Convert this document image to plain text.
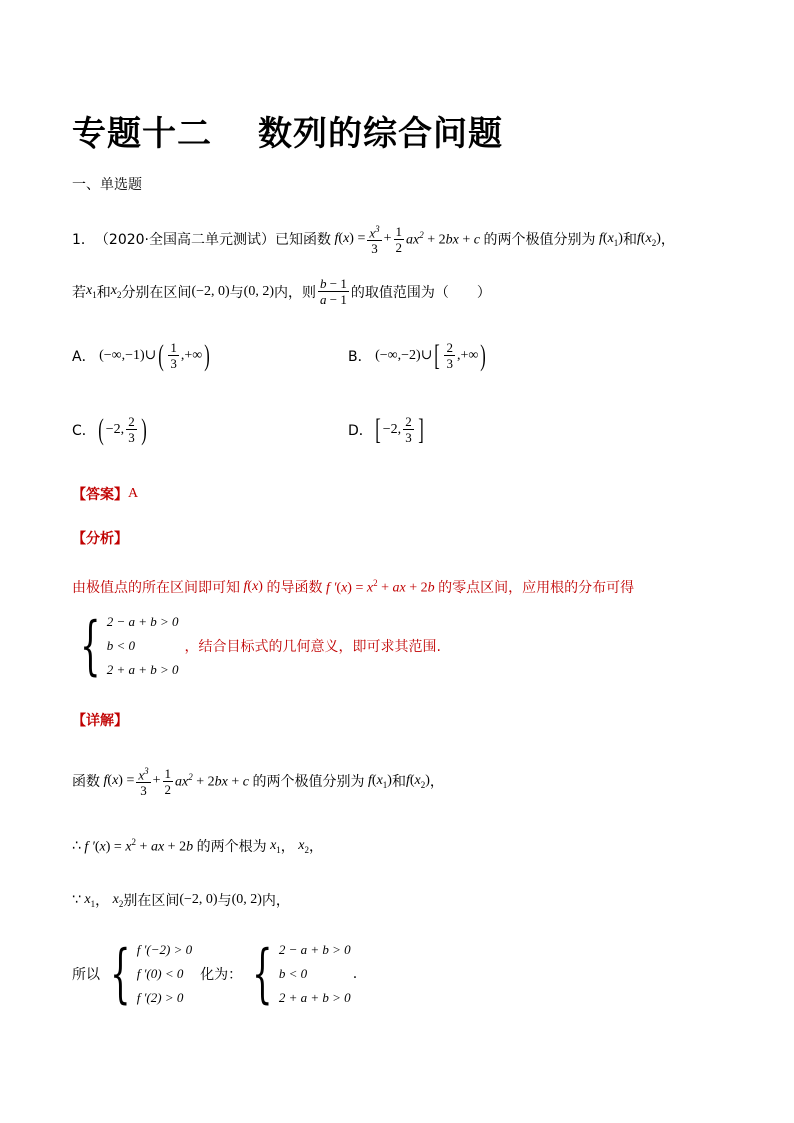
专题十二 数列的综合问题
一、单选题
1． （2020·全国高二单元测试） 已知函数 $f(x) = \frac{x^3}{3} + \frac{1}{2} ax^2 + 2bx + c$ 的两个极值分别为 $f(x_1)$ 和 $f(x_2)$ ，
若 $x_1$ 和 $x_2$ 分别在区间 (−2, 0) 与 (0, 2) 内，则 $\frac{b - 1}{a - 1}$ 的取值范围为（　　）
A． (−∞,−1)∪ ( $\frac{1}{3}$ ,+∞ )	B． (−∞,−2)∪ [ $\frac{2}{3}$ ,+∞ )
C． ( −2, $\frac{2}{3}$ )	D． [ −2, $\frac{2}{3}$ ]
【答案】 A
【分析】
由极值点的所在区间即可知 f(x) 的导函数 f $'(x) = x^2$ + ax + 2b 的零点区间，应用根的分布可得
{ 2 − a + b > 0
b < 0
2 + a + b > 0
，结合目标式的几何意义，即可求其范围.
【详解】
函数 $f(x) = \frac{x^3}{3} + \frac{1}{2} ax^2 + 2bx + c$ 的两个极值分别为 $f(x_1)$ 和 $f(x_2)$ ，
∴ f $'(x) = x^2$ + ax + 2b 的两个根为 $x_1$ ， $x_2$ ，
∵ $x_1$ ， $x_2$ 别在区间 (−2, 0) 与 (0, 2) 内，
所以 { f ′(−2) > 0
f ′(0) < 0
f ′(2) > 0
化为： { 2 − a + b > 0
b < 0
2 + a + b > 0
.
